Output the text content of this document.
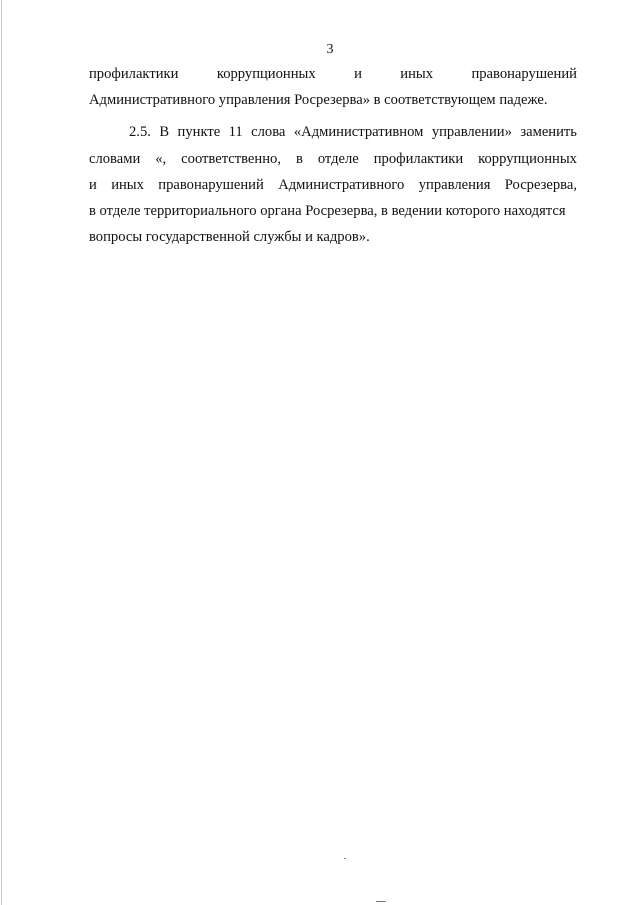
3
профилактики	коррупционных	и	иных	правонарушений
Административного управления Росрезерва» в соответствующем падеже.
2.5. В пункте 11 слова «Административном управлении» заменить
словами «, соответственно, в отделе профилактики коррупционных
и иных правонарушений Административного управления Росрезерва,
в отделе территориального органа Росрезерва, в ведении которого находятся
вопросы государственной службы и кадров».
